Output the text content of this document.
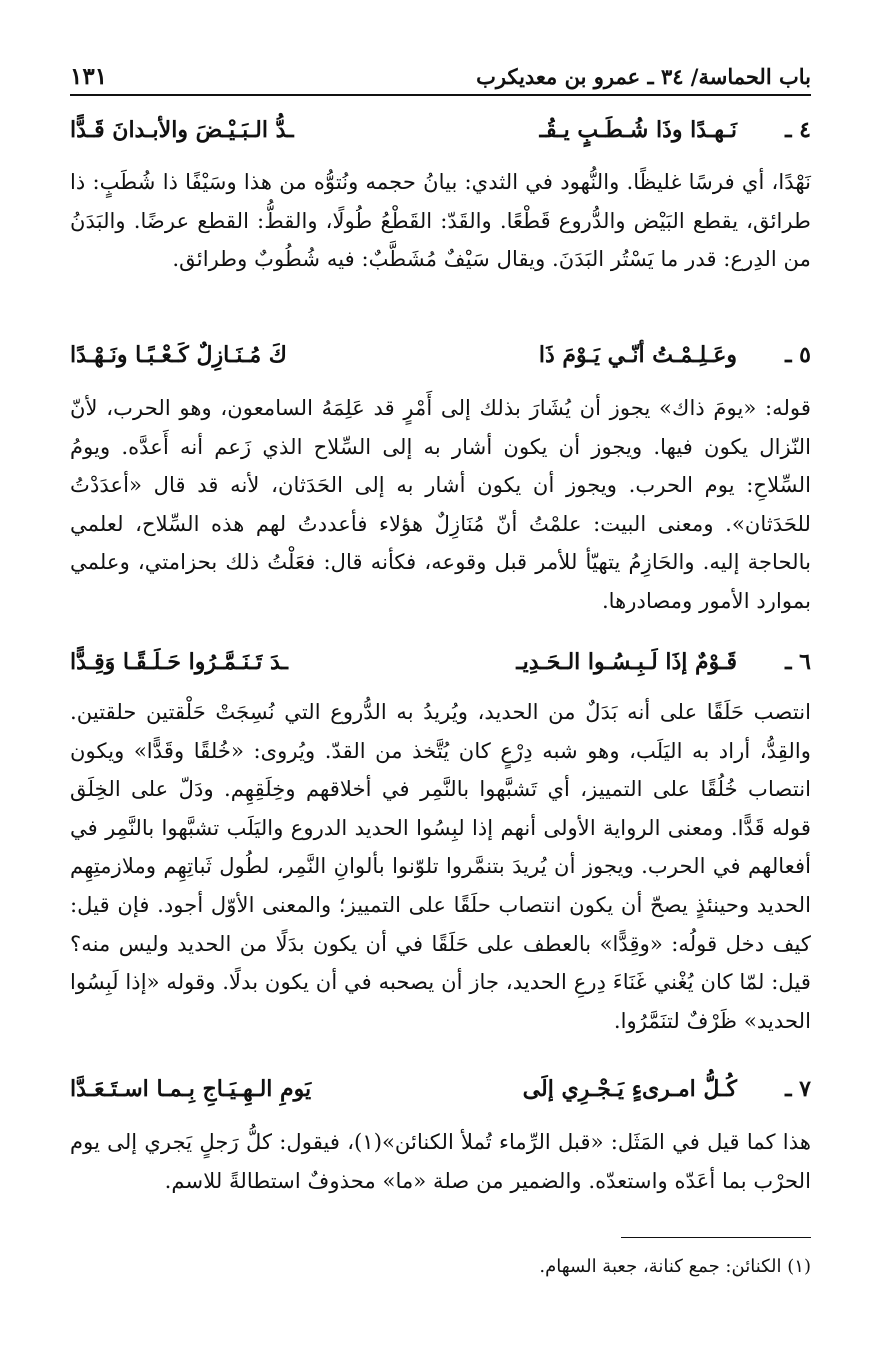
باب الحماسة/ ٣٤ ـ عمرو بن معديكرب
١٣١
٤ ـ
نَـهـدًا وذَا شُـطَـبٍ يـقُـ
ـدُّ الـبَـيْـضَ والأبـدانَ قَـدًّا
نَهْدًا، أي فرسًا غليظًا. والنُّهود في الثدي: بيانُ حجمه ونُتوُّه من هذا وسَيْفًا ذا شُطَبٍ: ذا طرائق، يقطع البَيْض والدُّروع قَطْعًا. والقَدّ: القَطْعُ طُولًا، والقطُّ: القطع عرضًا. والبَدَنُ من الدِرع: قدر ما يَسْتُر البَدَنَ. ويقال سَيْفٌ مُشَطَّبٌ: فيه شُطُوبٌ وطرائق.
٥ ـ
وعَـلِـمْـتُ أنّـي يَـوْمَ ذَا
كَ مُـنَـازِلٌ كَـعْـبًـا ونَـهْـدًا
قوله: «يومَ ذاك» يجوز أن يُشَارَ بذلك إلى أَمْرٍ قد عَلِمَهُ السامعون، وهو الحرب، لأنّ النّزال يكون فيها. ويجوز أن يكون أشار به إلى السِّلاح الذي زَعم أنه أَعدَّه. ويومُ السِّلاحِ: يوم الحرب. ويجوز أن يكون أشار به إلى الحَدَثان، لأنه قد قال «أعدَدْتُ للحَدَثان». ومعنى البيت: علمْتُ أنّ مُنَازِلٌ هؤلاء فأعددتُ لهم هذه السِّلاح، لعلمي بالحاجة إليه. والحَازِمُ يتهيّأ للأمر قبل وقوعه، فكأنه قال: فعَلْتُ ذلك بحزامتي، وعلمي بموارد الأمور ومصادرها.
٦ ـ
قَـوْمٌ إذَا لَـبِـسُـوا الـحَـدِيـ
ـدَ تَـنَـمَّـرُوا حَـلَـقًـا وَقِـدًّا
انتصب حَلَقًا على أنه بَدَلٌ من الحديد، ويُريدُ به الدُّروع التي نُسِجَتْ حَلْقتين حلقتين. والقِدُّ، أراد به اليَلَب، وهو شبه دِرْعٍ كان يُتَّخذ من القدّ. ويُروى: «خُلقًا وقَدًّا» ويكون انتصاب خُلُقًا على التمييز، أي تَشبَّهوا بالنَّمِر في أخلاقهم وخِلَقِهِم. ودَلّ على الخِلَق قوله قَدًّا. ومعنى الرواية الأولى أنهم إذا لبِسُوا الحديد الدروع واليَلَب تشبَّهوا بالنَّمِر في أفعالهم في الحرب. ويجوز أن يُريدَ بتنمَّروا تلوّنوا بألوانِ النَّمِر، لطُول ثَباتِهِم وملازمتِهِم الحديد وحينئذٍ يصحّ أن يكون انتصاب حلَقًا على التمييز؛ والمعنى الأوّل أجود. فإن قيل: كيف دخل قولُه: «وقِدًّا» بالعطف على حَلَقًا في أن يكون بدَلًا من الحديد وليس منه؟ قيل: لمّا كان يُغْني غَنَاءَ دِرعِ الحديد، جاز أن يصحبه في أن يكون بدلًا. وقوله «إذا لَبِسُوا الحديد» ظَرْفٌ لتنَمَّرُوا.
٧ ـ
كُـلُّ امـرىءٍ يَـجْـرِي إلَى
يَومِ الـهِـيَـاجِ بِـمـا اسـتَـعَـدَّا
هذا كما قيل في المَثَل: «قبل الرِّماء تُملأ الكنائن»(١)، فيقول: كلُّ رَجلٍ يَجري إلى يوم الحرْب بما أعَدّه واستعدّه. والضمير من صلة «ما» محذوفٌ استطالةً للاسم.
(١) الكنائن: جمع كنانة، جعبة السهام.
